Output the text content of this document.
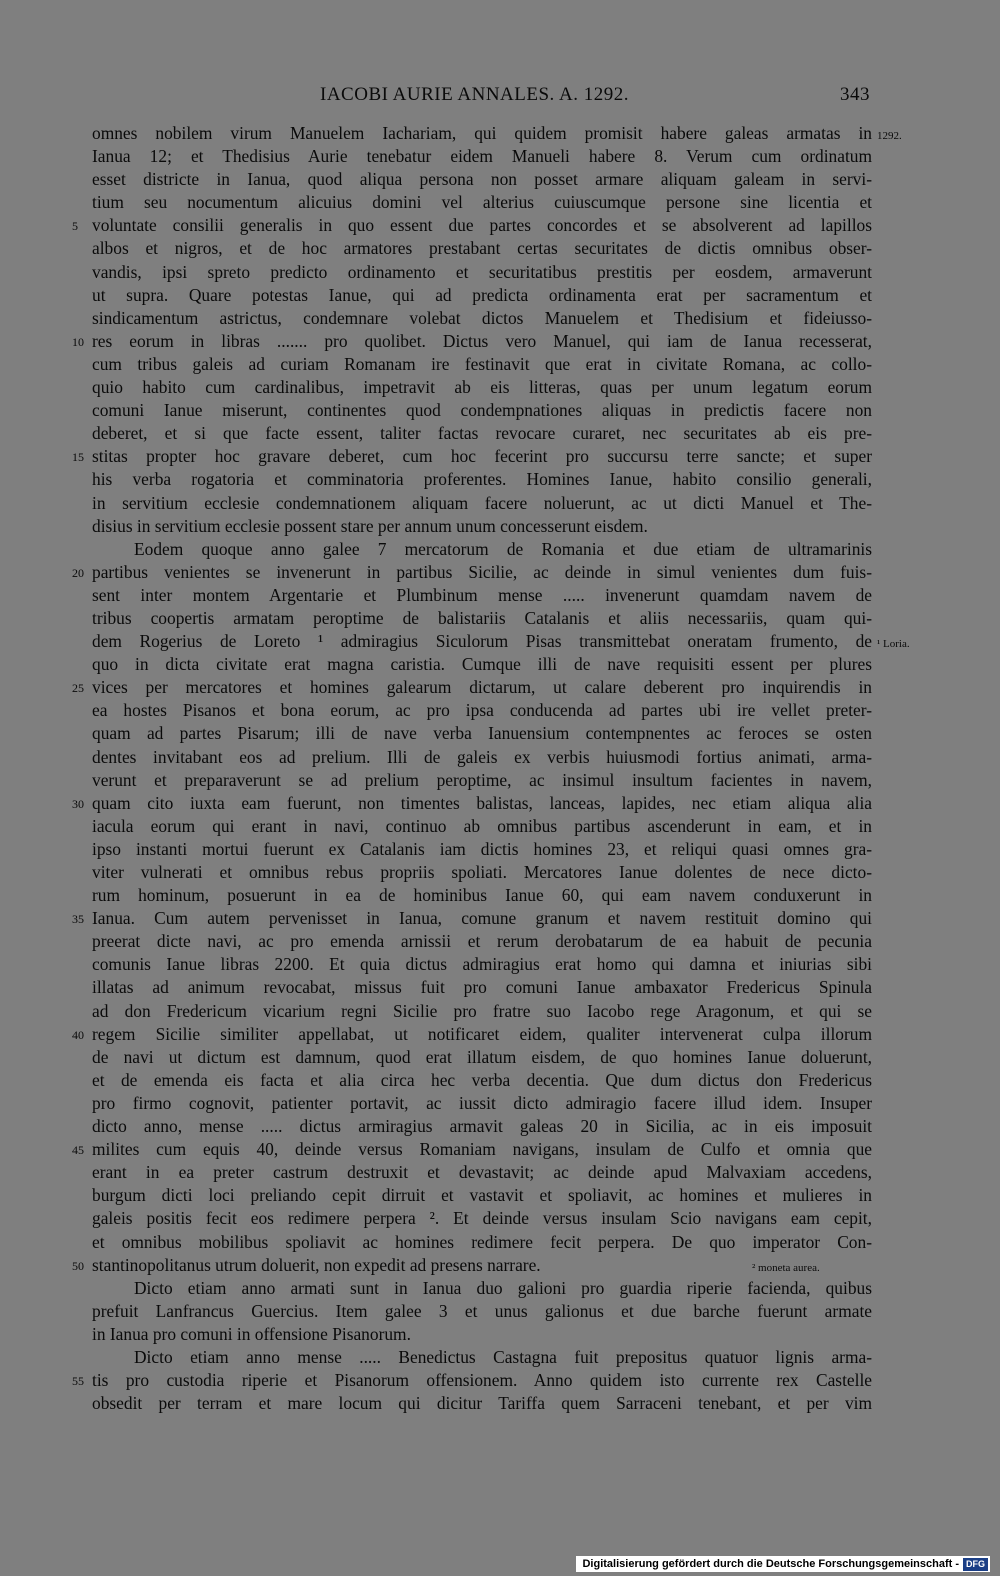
IACOBI AURIE ANNALES. A. 1292.	343
omnes nobilem virum Manuelem Iachariam, qui quidem promisit habere galeas armatas in 1292.
Ianua 12; et Thedisius Aurie tenebatur eidem Manueli habere 8. Verum cum ordinatum
esset districte in Ianua, quod aliqua persona non posset armare aliquam galeam in servi-
tium seu nocumentum alicuius domini vel alterius cuiuscumque persone sine licentia et
5 voluntate consilii generalis in quo essent due partes concordes et se absolverent ad lapillos
albos et nigros, et de hoc armatores prestabant certas securitates de dictis omnibus obser-
vandis, ipsi spreto predicto ordinamento et securitatibus prestitis per eosdem, armaverunt
ut supra. Quare potestas Ianue, qui ad predicta ordinamenta erat per sacramentum et
sindicamentum astrictus, condemnare volebat dictos Manuelem et Thedisium et fideiusso-
10 res eorum in libras ....... pro quolibet. Dictus vero Manuel, qui iam de Ianua recesserat,
cum tribus galeis ad curiam Romanam ire festinavit que erat in civitate Romana, ac collo-
quio habito cum cardinalibus, impetravit ab eis litteras, quas per unum legatum eorum
comuni Ianue miserunt, continentes quod condempnationes aliquas in predictis facere non
deberet, et si que facte essent, taliter factas revocare curaret, nec securitates ab eis pre-
15 stitas propter hoc gravare deberet, cum hoc fecerint pro succursu terre sancte; et super
his verba rogatoria et comminatoria proferentes. Homines Ianue, habito consilio generali,
in servitium ecclesie condemnationem aliquam facere noluerunt, ac ut dicti Manuel et The-
disius in servitium ecclesie possent stare per annum unum concesserunt eisdem.
Eodem quoque anno galee 7 mercatorum de Romania et due etiam de ultramarinis
20 partibus venientes se invenerunt in partibus Sicilie, ac deinde in simul venientes dum fuis-
sent inter montem Argentarie et Plumbinum mense ..... invenerunt quamdam navem de
tribus coopertis armatam peroptime de balistariis Catalanis et aliis necessariis, quam qui-
dem Rogerius de Loreto ¹ admiragius Siculorum Pisas transmittebat oneratam frumento, de ¹ Loria.
quo in dicta civitate erat magna caristia. Cumque illi de nave requisiti essent per plures
25 vices per mercatores et homines galearum dictarum, ut calare deberent pro inquirendis in
ea hostes Pisanos et bona eorum, ac pro ipsa conducenda ad partes ubi ire vellet preter-
quam ad partes Pisarum; illi de nave verba Ianuensium contempnentes ac feroces se osten
dentes invitabant eos ad prelium. Illi de galeis ex verbis huiusmodi fortius animati, arma-
verunt et preparaverunt se ad prelium peroptime, ac insimul insultum facientes in navem,
30 quam cito iuxta eam fuerunt, non timentes balistas, lanceas, lapides, nec etiam aliqua alia
iacula eorum qui erant in navi, continuo ab omnibus partibus ascenderunt in eam, et in
ipso instanti mortui fuerunt ex Catalanis iam dictis homines 23, et reliqui quasi omnes gra-
viter vulnerati et omnibus rebus propriis spoliati. Mercatores Ianue dolentes de nece dicto-
rum hominum, posuerunt in ea de hominibus Ianue 60, qui eam navem conduxerunt in
35 Ianua. Cum autem pervenisset in Ianua, comune granum et navem restituit domino qui
preerat dicte navi, ac pro emenda arnissii et rerum derobatarum de ea habuit de pecunia
comunis Ianue libras 2200. Et quia dictus admiragius erat homo qui damna et iniurias sibi
illatas ad animum revocabat, missus fuit pro comuni Ianue ambaxator Fredericus Spinula
ad don Fredericum vicarium regni Sicilie pro fratre suo Iacobo rege Aragonum, et qui se
40 regem Sicilie similiter appellabat, ut notificaret eidem, qualiter intervenerat culpa illorum
de navi ut dictum est damnum, quod erat illatum eisdem, de quo homines Ianue doluerunt,
et de emenda eis facta et alia circa hec verba decentia. Que dum dictus don Fredericus
pro firmo cognovit, patienter portavit, ac iussit dicto admiragio facere illud idem. Insuper
dicto anno, mense ..... dictus armiragius armavit galeas 20 in Sicilia, ac in eis imposuit
45 milites cum equis 40, deinde versus Romaniam navigans, insulam de Culfo et omnia que
erant in ea preter castrum destruxit et devastavit; ac deinde apud Malvaxiam accedens,
burgum dicti loci preliando cepit dirruit et vastavit et spoliavit, ac homines et mulieres in
galeis positis fecit eos redimere perpera ². Et deinde versus insulam Scio navigans eam cepit,
et omnibus mobilibus spoliavit ac homines redimere fecit perpera. De quo imperator Con-
50 stantinopolitanus utrum doluerit, non expedit ad presens narrare.	² moneta aurea.
Dicto etiam anno armati sunt in Ianua duo galioni pro guardia riperie facienda, quibus
prefuit Lanfrancus Guercius. Item galee 3 et unus galionus et due barche fuerunt armate
in Ianua pro comuni in offensione Pisanorum.
Dicto etiam anno mense ..... Benedictus Castagna fuit prepositus quatuor lignis arma-
55 tis pro custodia riperie et Pisanorum offensionem. Anno quidem isto currente rex Castelle
obsedit per terram et mare locum qui dicitur Tariffa quem Sarraceni tenebant, et per vim
Digitalisierung gefördert durch die Deutsche Forschungsgemeinschaft - DFG
